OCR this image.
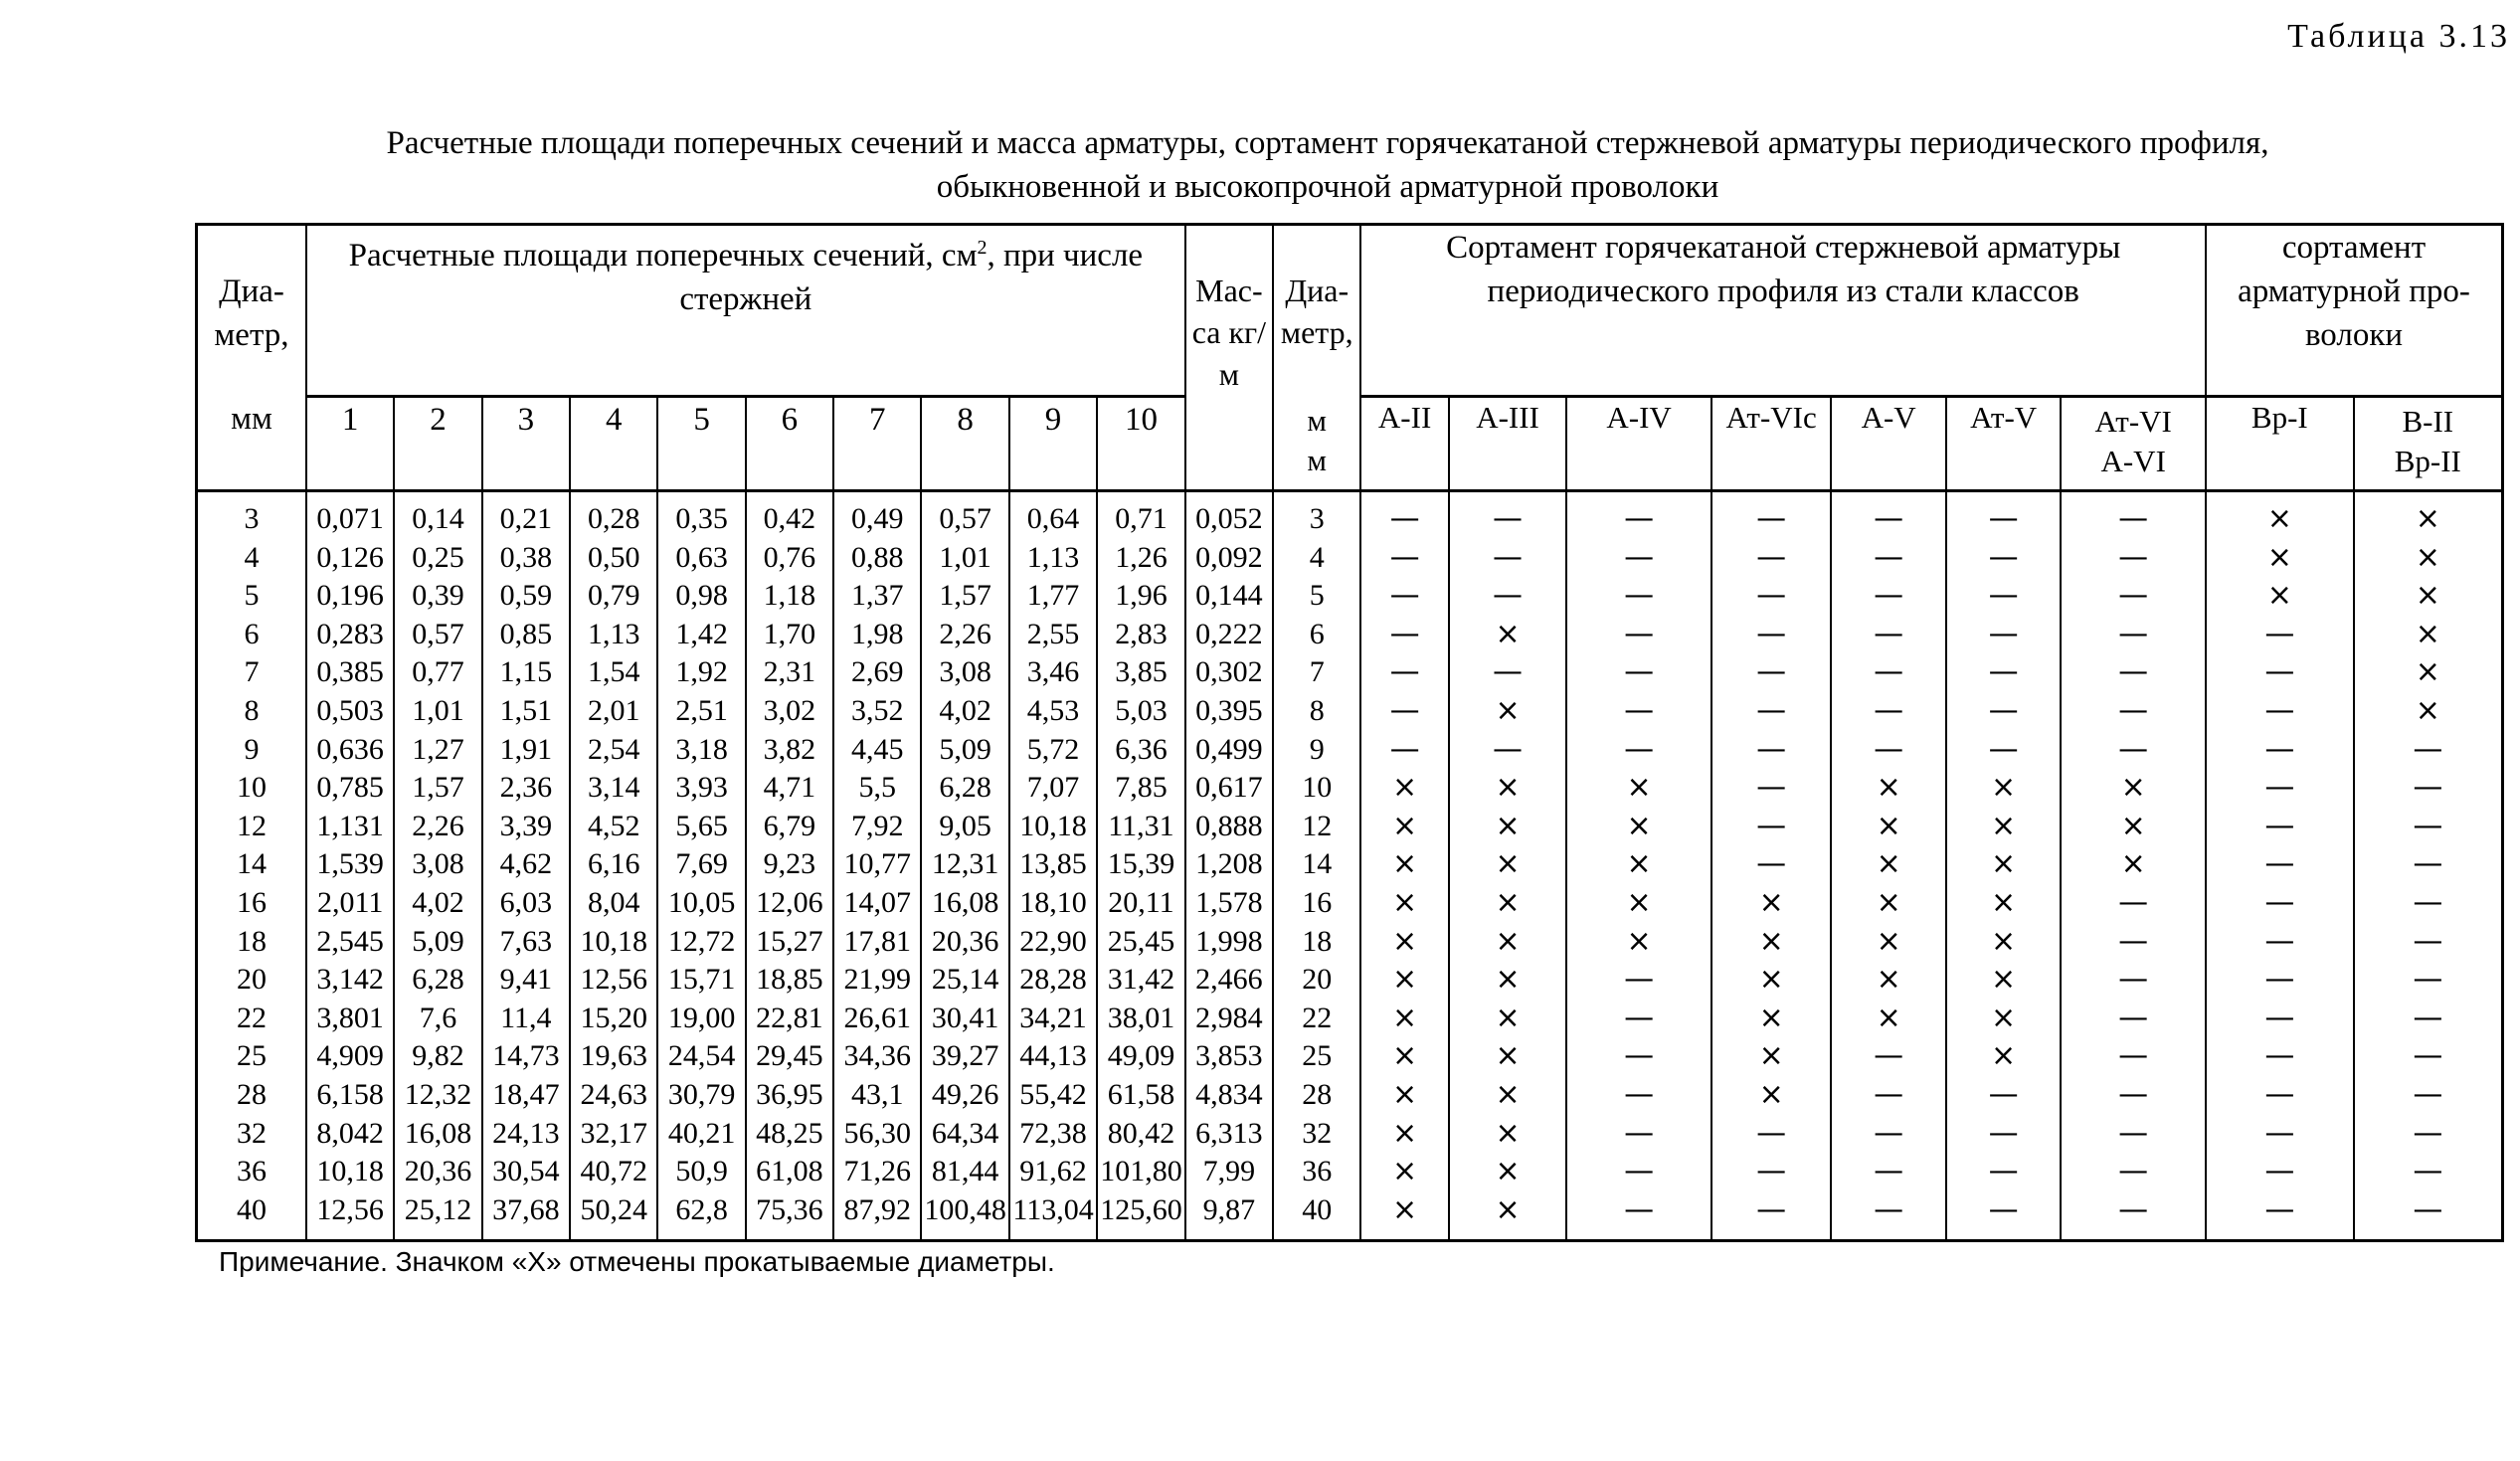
Таблица 3.13
Расчетные площади поперечных сечений и масса арматуры, сортамент горячекатаной стержневой арматуры периодического профиля,
обыкновенной и высокопрочной арматурной проволоки
Диа-метр,	Расчетные площади поперечных сечений, $см^2$, при числе стержней										Мас-са кг/м	Диа-метр,	Сортамент горячекатаной стержневой арматуры периодического профиля из стали классов							сортамент арматурной про-волоки	
мм	1	2	3	4	5	6	7	8	9	10		м м	А-II	А-III	А-IV	Ат-VIc	А-V	Ат-V	Ат-VI А-VI	Вр-I	В-II Вр-II
3	0,071	0,14	0,21	0,28	0,35	0,42	0,49	0,57	0,64	0,71	0,052	3	—	—	—	—	—	—	—	×	×
4	0,126	0,25	0,38	0,50	0,63	0,76	0,88	1,01	1,13	1,26	0,092	4	—	—	—	—	—	—	—	×	×
5	0,196	0,39	0,59	0,79	0,98	1,18	1,37	1,57	1,77	1,96	0,144	5	—	—	—	—	—	—	—	×	×
6	0,283	0,57	0,85	1,13	1,42	1,70	1,98	2,26	2,55	2,83	0,222	6	—	×	—	—	—	—	—	—	×
7	0,385	0,77	1,15	1,54	1,92	2,31	2,69	3,08	3,46	3,85	0,302	7	—	—	—	—	—	—	—	—	×
8	0,503	1,01	1,51	2,01	2,51	3,02	3,52	4,02	4,53	5,03	0,395	8	—	×	—	—	—	—	—	—	×
9	0,636	1,27	1,91	2,54	3,18	3,82	4,45	5,09	5,72	6,36	0,499	9	—	—	—	—	—	—	—	—	—
10	0,785	1,57	2,36	3,14	3,93	4,71	5,5	6,28	7,07	7,85	0,617	10	×	×	×	—	×	×	×	—	—
12	1,131	2,26	3,39	4,52	5,65	6,79	7,92	9,05	10,18	11,31	0,888	12	×	×	×	—	×	×	×	—	—
14	1,539	3,08	4,62	6,16	7,69	9,23	10,77	12,31	13,85	15,39	1,208	14	×	×	×	—	×	×	×	—	—
16	2,011	4,02	6,03	8,04	10,05	12,06	14,07	16,08	18,10	20,11	1,578	16	×	×	×	×	×	×	—	—	—
18	2,545	5,09	7,63	10,18	12,72	15,27	17,81	20,36	22,90	25,45	1,998	18	×	×	×	×	×	×	—	—	—
20	3,142	6,28	9,41	12,56	15,71	18,85	21,99	25,14	28,28	31,42	2,466	20	×	×	—	×	×	×	—	—	—
22	3,801	7,6	11,4	15,20	19,00	22,81	26,61	30,41	34,21	38,01	2,984	22	×	×	—	×	×	×	—	—	—
25	4,909	9,82	14,73	19,63	24,54	29,45	34,36	39,27	44,13	49,09	3,853	25	×	×	—	×	—	×	—	—	—
28	6,158	12,32	18,47	24,63	30,79	36,95	43,1	49,26	55,42	61,58	4,834	28	×	×	—	×	—	—	—	—	—
32	8,042	16,08	24,13	32,17	40,21	48,25	56,30	64,34	72,38	80,42	6,313	32	×	×	—	—	—	—	—	—	—
36	10,18	20,36	30,54	40,72	50,9	61,08	71,26	81,44	91,62	101,80	7,99	36	×	×	—	—	—	—	—	—	—
40	12,56	25,12	37,68	50,24	62,8	75,36	87,92	100,48	113,04	125,60	9,87	40	×	×	—	—	—	—	—	—	—
Примечание. Значком «Х» отмечены прокатываемые диаметры.
